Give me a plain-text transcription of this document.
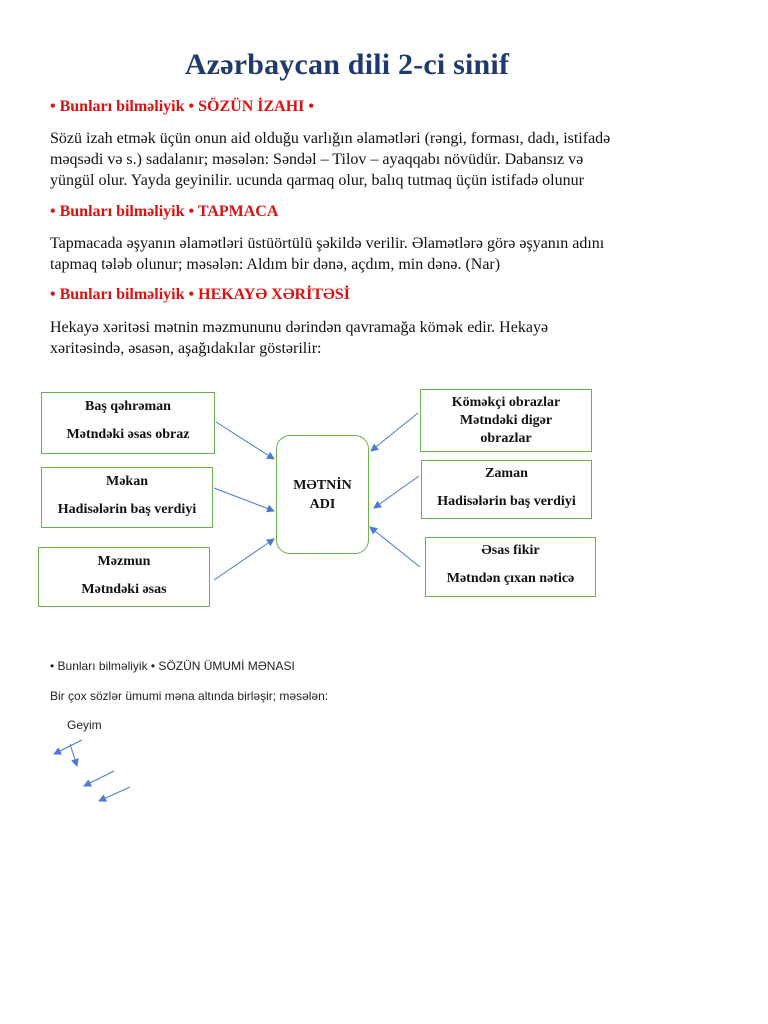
Azərbaycan dili 2-ci sinif
• Bunları bilməliyik • SÖZÜN İZAHI •
Sözü izah etmək üçün onun aid olduğu varlığın əlamətləri (rəngi, forması, dadı, istifadə
məqsədi və s.) sadalanır; məsələn: Səndəl – Tilov – ayaqqabı növüdür. Dabansız və
yüngül olur. Yayda geyinilir. ucunda qarmaq olur, balıq tutmaq üçün istifadə olunur
• Bunları bilməliyik • TAPMACA
Tapmacada əşyanın əlamətləri üstüörtülü şəkildə verilir. Əlamətlərə görə əşyanın adını
tapmaq tələb olunur; məsələn: Aldım bir dənə, açdım, min dənə. (Nar)
• Bunları bilməliyik • HEKAYƏ XƏRİTƏSİ
Hekayə xəritəsi mətnin məzmununu dərindən qavramağa kömək edir. Hekayə
xəritəsində, əsasən, aşağıdakılar göstərilir:
Baş qəhrəman
Mətndəki əsas obraz
Məkan
Hadisələrin baş verdiyi
Məzmun
Mətndəki əsas
MƏTNİN
ADI
Köməkçi obrazlar
Mətndəki digər
obrazlar
Zaman
Hadisələrin baş verdiyi
Əsas fikir
Mətndən çıxan nəticə
• Bunları bilməliyik • SÖZÜN ÜMUMİ MƏNASI
Bir çox sözlər ümumi məna altında birləşir; məsələn:
Geyim
